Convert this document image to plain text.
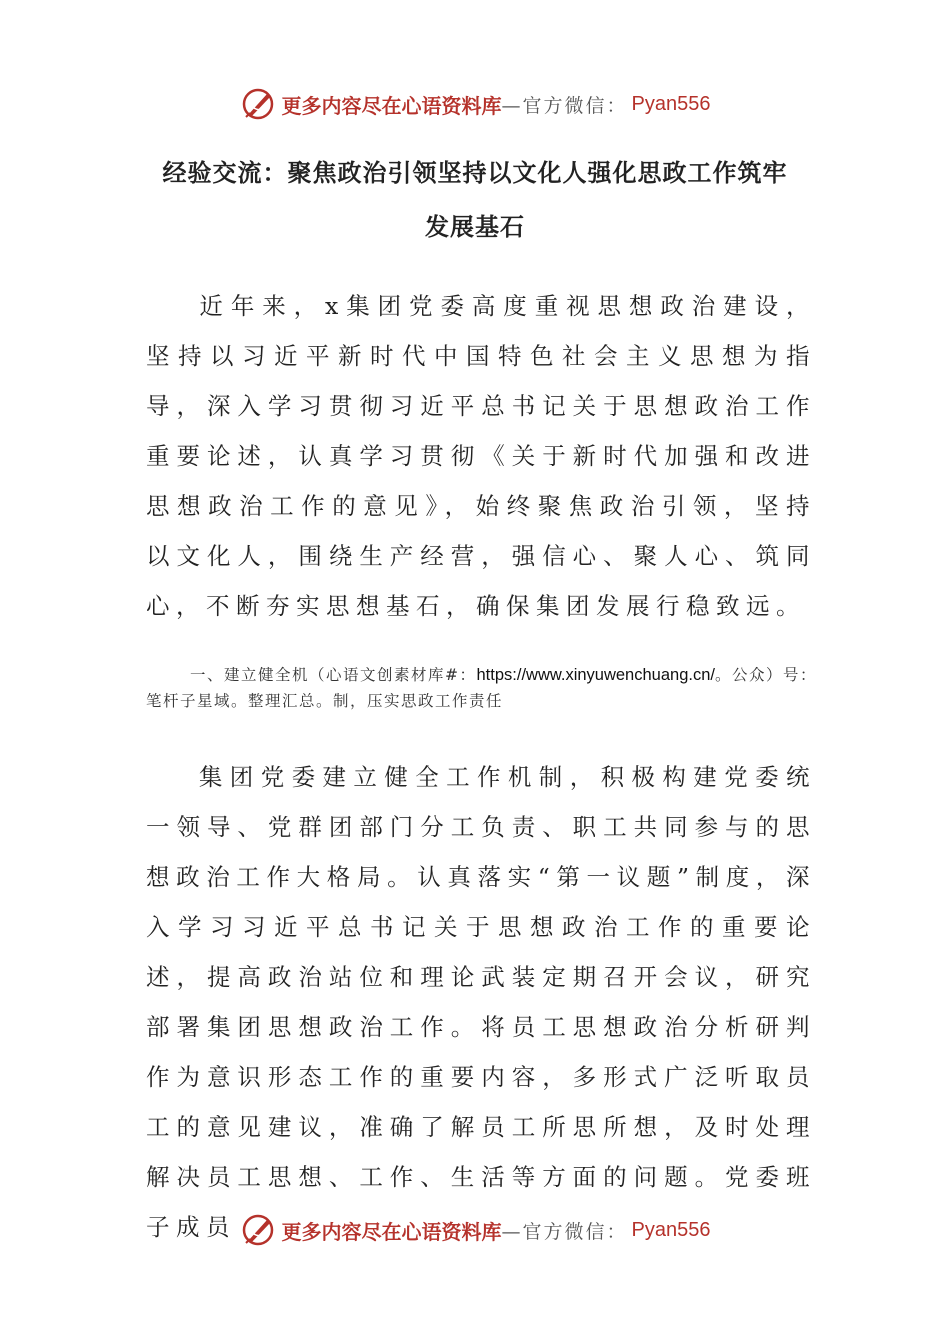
更多内容尽在心语资料库 —官方微信： Pyan556
经验交流：聚焦政治引领坚持以文化人强化思政工作筑牢
发展基石
近年来，x集团党委高度重视思想政治建设，坚持以习近平新时代中国特色社会主义思想为指导，深入学习贯彻习近平总书记关于思想政治工作重要论述，认真学习贯彻《关于新时代加强和改进思想政治工作的意见》，始终聚焦政治引领，坚持以文化人，围绕生产经营，强信心、聚人心、筑同心，不断夯实思想基石，确保集团发展行稳致远。
一、建立健全机（心语文创素材库#：https://www.xinyuwenchuang.cn/。公众）号：笔杆子星域。整理汇总。制，压实思政工作责任
集团党委建立健全工作机制，积极构建党委统一领导、党群团部门分工负责、职工共同参与的思想政治工作大格局。认真落实“第一议题”制度，深入学习习近平总书记关于思想政治工作的重要论述，提高政治站位和理论武装定期召开会议，研究部署集团思想政治工作。将员工思想政治分析研判作为意识形态工作的重要内容，多形式广泛听取员工的意见建议，准确了解员工所思所想，及时处理解决员工思想、工作、生活等方面的问题。党委班子成员	更多内容尽在心语资料库 —官方微信： Pyan556
